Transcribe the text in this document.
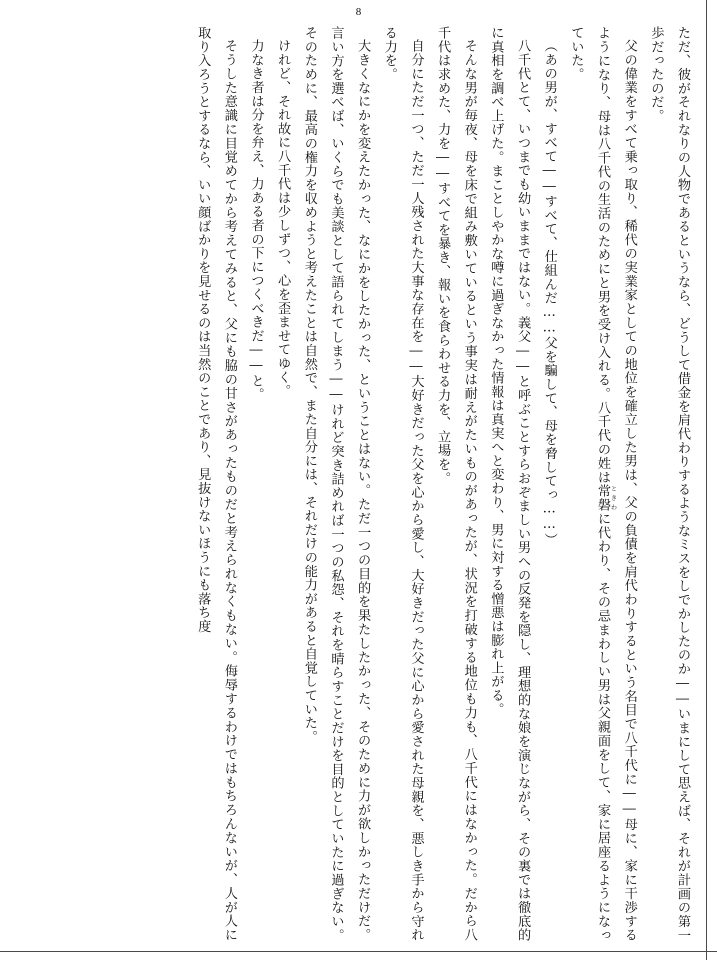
8

ただ、彼がそれなりの人物であるというなら、どうして借金を肩代わりするようなミスをしでかしたのか――いまにして思えば、それが計画の第一歩だったのだ。

父の偉業をすべて乗っ取り、稀代の実業家としての地位を確立した男は、父の負債を肩代わりするという名目で八千代に――母に、家に干渉するようになり、母は八千代の生活のためにと男を受け入れる。八千代の姓は常磐 ときわに代わり、その忌まわしい男は父親面をして、家に居座るようになっていた。

（あの男が、すべて――すべて、仕組んだ……父を騙して、母を脅してっ……）

八千代とて、いつまでも幼いままではない。義父――と呼ぶことすらおぞましい男への反発を隠し、理想的な娘を演じながら、その裏では徹底的に真相を調べ上げた。まことしやかな噂に過ぎなかった情報は真実へと変わり、男に対する憎悪は膨れ上がる。

そんな男が毎夜、母を床で組み敷いているという事実は耐えがたいものがあったが、状況を打破する地位も力も、八千代にはなかった。だから八千代は求めた、力を――すべてを暴き、報いを食らわせる力を、立場を。

自分にただ一つ、ただ一人残された大事な存在を――大好きだった父を心から愛し、大好きだった父に心から愛された母親を、悪しき手から守れる力を。

大きくなにかを変えたかった、なにかをしたかった、ということはない。ただ一つの目的を果たしたかった、そのために力が欲しかっただけだ。言い方を選べば、いくらでも美談として語られてしまう――けれど突き詰めれば一つの私怨、それを晴らすことだけを目的としていたに過ぎない。そのために、最高の権力を収めようと考えたことは自然で、また自分には、それだけの能力があると自覚していた。

けれど、それ故に八千代は少しずつ、心を歪ませてゆく。

力なき者は分を弁え、力ある者の下につくべきだ――と。

そうした意識に目覚めてから考えてみると、父にも脇の甘さがあったものだと考えられなくもない。侮辱するわけではもちろんないが、人が人に取り入ろうとするなら、いい顔ばかりを見せるのは当然のことであり、見抜けないほうにも落ち度
